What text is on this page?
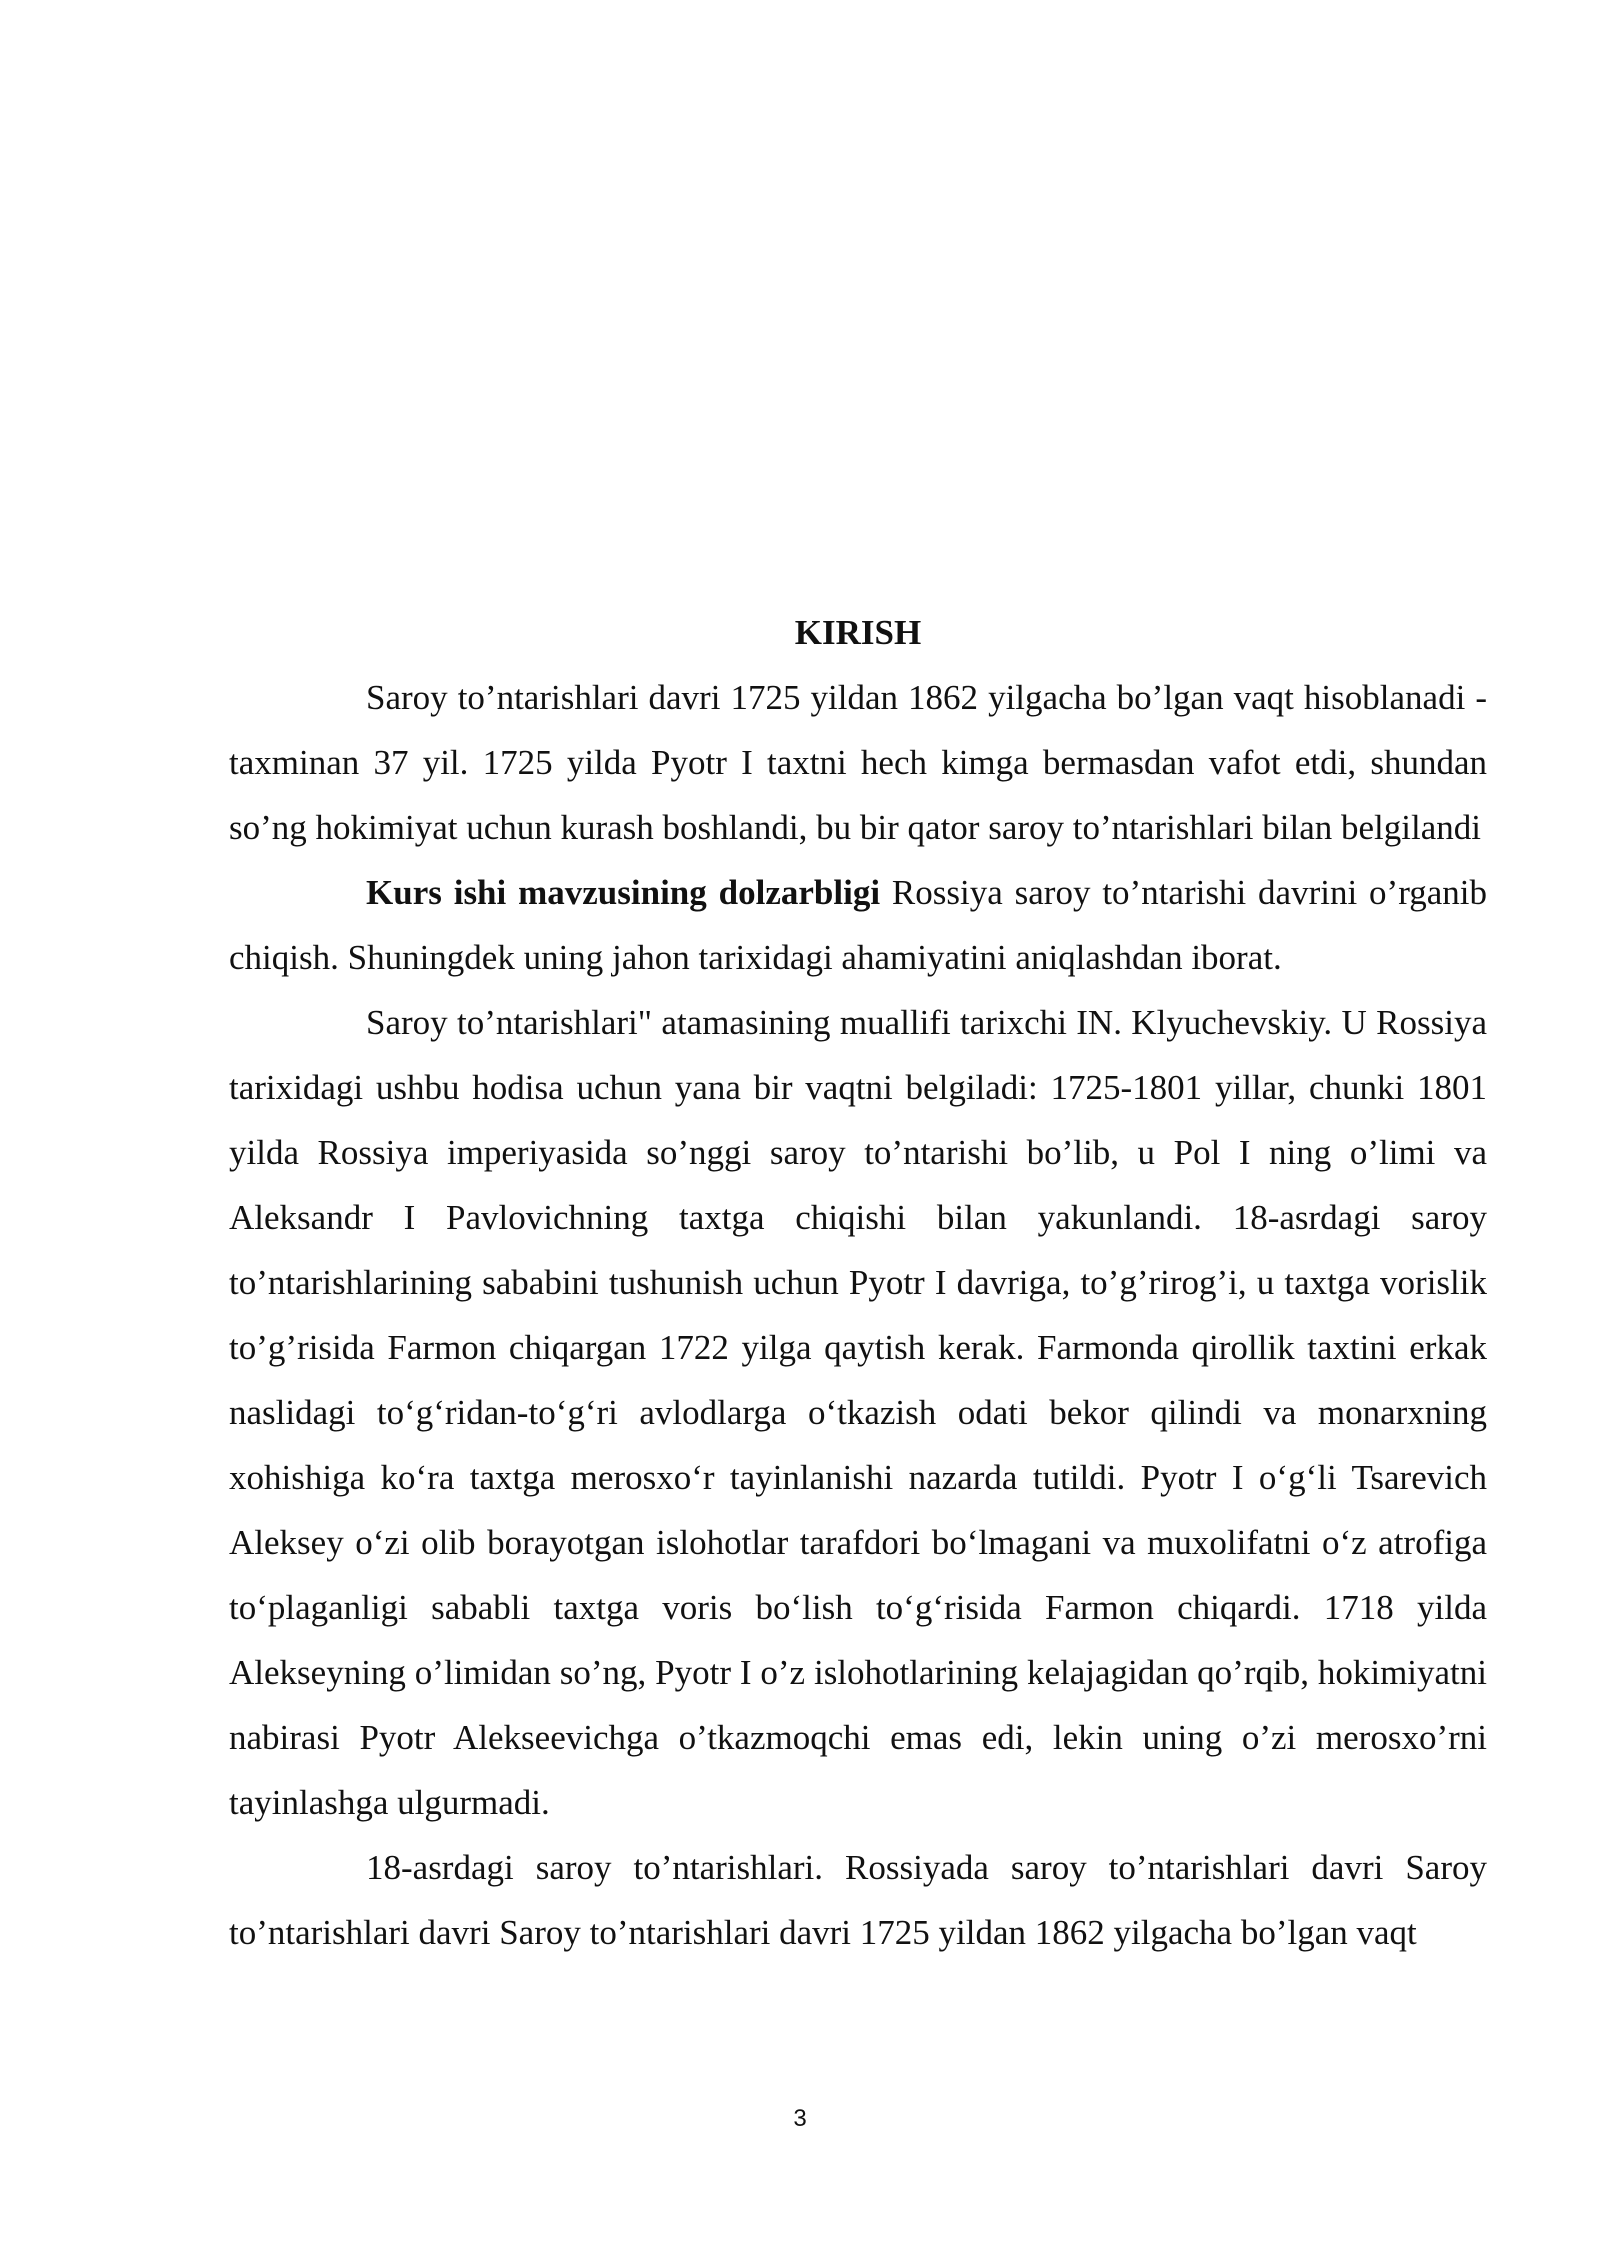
KIRISH

Saroy to’ntarishlari davri 1725 yildan 1862 yilgacha bo’lgan vaqt hisoblanadi - taxminan 37 yil. 1725 yilda Pyotr I taxtni hech kimga bermasdan vafot etdi, shundan so’ng hokimiyat uchun kurash boshlandi, bu bir qator saroy to’ntarishlari bilan belgilandi

Kurs ishi mavzusining dolzarbligi Rossiya saroy to’ntarishi davrini o’rganib chiqish. Shuningdek uning jahon tarixidagi ahamiyatini aniqlashdan iborat.

Saroy to’ntarishlari" atamasining muallifi tarixchi IN. Klyuchevskiy. U Rossiya tarixidagi ushbu hodisa uchun yana bir vaqtni belgiladi: 1725-1801 yillar, chunki 1801 yilda Rossiya imperiyasida so’nggi saroy to’ntarishi bo’lib, u Pol I ning o’limi va Aleksandr I Pavlovichning taxtga chiqishi bilan yakunlandi. 18-asrdagi saroy to’ntarishlarining sababini tushunish uchun Pyotr I davriga, to’g’rirog’i, u taxtga vorislik to’g’risida Farmon chiqargan 1722 yilga qaytish kerak. Farmonda qirollik taxtini erkak naslidagi to‘g‘ridan-to‘g‘ri avlodlarga o‘tkazish odati bekor qilindi va monarxning xohishiga ko‘ra taxtga merosxo‘r tayinlanishi nazarda tutildi. Pyotr I o‘g‘li Tsarevich Aleksey o‘zi olib borayotgan islohotlar tarafdori bo‘lmagani va muxolifatni o‘z atrofiga to‘plaganligi sababli taxtga voris bo‘lish to‘g‘risida Farmon chiqardi. 1718 yilda Alekseyning o’limidan so’ng, Pyotr I o’z islohotlarining kelajagidan qo’rqib, hokimiyatni nabirasi Pyotr Alekseevichga o’tkazmoqchi emas edi, lekin uning o’zi merosxo’rni tayinlashga ulgurmadi.

18-asrdagi saroy to’ntarishlari. Rossiyada saroy to’ntarishlari davri Saroy to’ntarishlari davri Saroy to’ntarishlari davri 1725 yildan 1862 yilgacha bo’lgan vaqt

3
